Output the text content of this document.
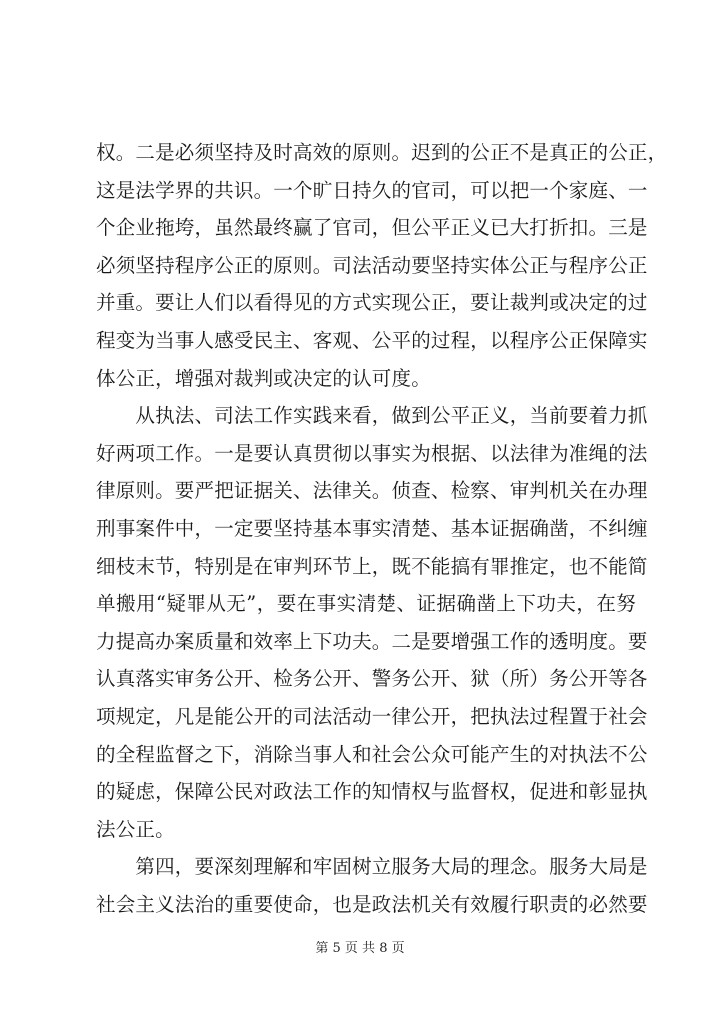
权。二是必须坚持及时高效的原则。迟到的公正不是真正的公正，
这是法学界的共识。一个旷日持久的官司，可以把一个家庭、一
个企业拖垮，虽然最终赢了官司，但公平正义已大打折扣。三是
必须坚持程序公正的原则。司法活动要坚持实体公正与程序公正
并重。要让人们以看得见的方式实现公正，要让裁判或决定的过
程变为当事人感受民主、客观、公平的过程，以程序公正保障实
体公正，增强对裁判或决定的认可度。
　　从执法、司法工作实践来看，做到公平正义，当前要着力抓
好两项工作。一是要认真贯彻以事实为根据、以法律为准绳的法
律原则。要严把证据关、法律关。侦查、检察、审判机关在办理
刑事案件中，一定要坚持基本事实清楚、基本证据确凿，不纠缠
细枝末节，特别是在审判环节上，既不能搞有罪推定，也不能简
单搬用“疑罪从无”，要在事实清楚、证据确凿上下功夫，在努
力提高办案质量和效率上下功夫。二是要增强工作的透明度。要
认真落实审务公开、检务公开、警务公开、狱（所）务公开等各
项规定，凡是能公开的司法活动一律公开，把执法过程置于社会
的全程监督之下，消除当事人和社会公众可能产生的对执法不公
的疑虑，保障公民对政法工作的知情权与监督权，促进和彰显执
法公正。
　　第四，要深刻理解和牢固树立服务大局的理念。服务大局是
社会主义法治的重要使命，也是政法机关有效履行职责的必然要
第 5 页 共 8 页
